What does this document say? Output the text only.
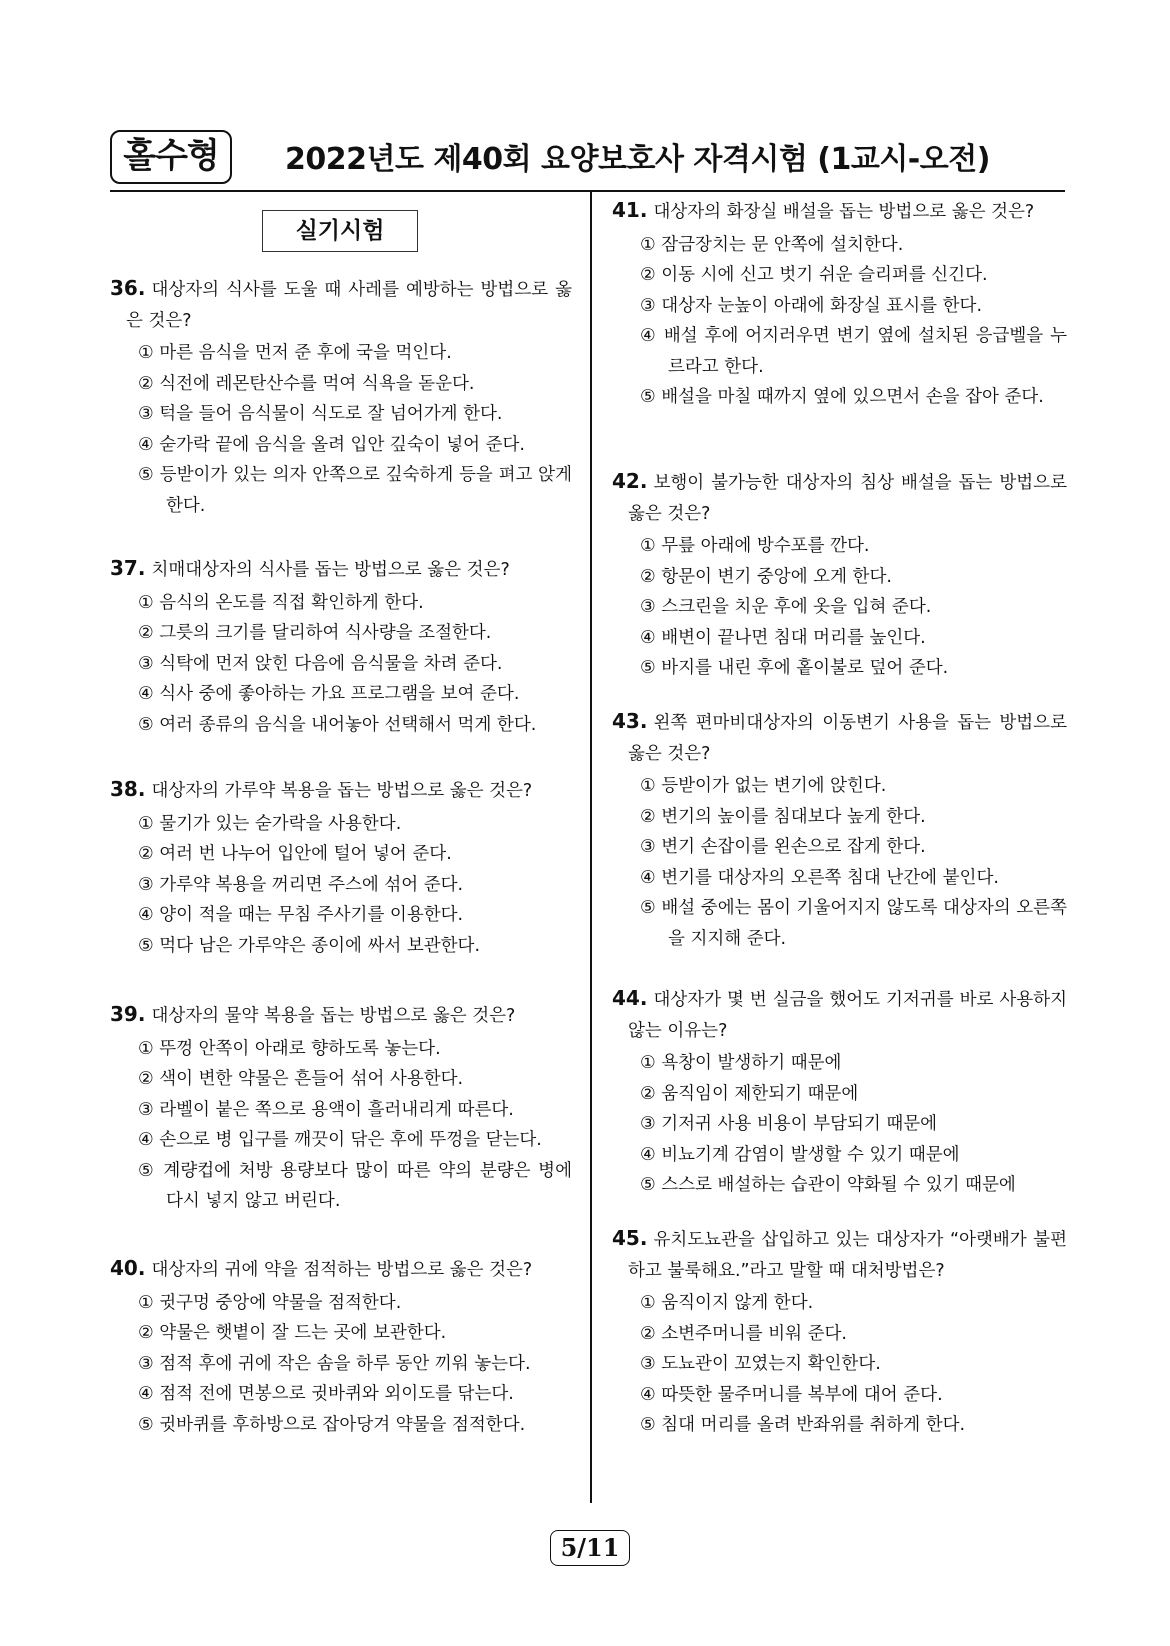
홀수형	2022년도 제40회 요양보호사 자격시험 (1교시-오전)
실기시험
36. 대상자의 식사를 도울 때 사레를 예방하는 방법으로 옳은 것은?
① 마른 음식을 먼저 준 후에 국을 먹인다.
② 식전에 레몬탄산수를 먹여 식욕을 돋운다.
③ 턱을 들어 음식물이 식도로 잘 넘어가게 한다.
④ 숟가락 끝에 음식을 올려 입안 깊숙이 넣어 준다.
⑤ 등받이가 있는 의자 안쪽으로 깊숙하게 등을 펴고 앉게 한다.
37. 치매대상자의 식사를 돕는 방법으로 옳은 것은?
① 음식의 온도를 직접 확인하게 한다.
② 그릇의 크기를 달리하여 식사량을 조절한다.
③ 식탁에 먼저 앉힌 다음에 음식물을 차려 준다.
④ 식사 중에 좋아하는 가요 프로그램을 보여 준다.
⑤ 여러 종류의 음식을 내어놓아 선택해서 먹게 한다.
38. 대상자의 가루약 복용을 돕는 방법으로 옳은 것은?
① 물기가 있는 숟가락을 사용한다.
② 여러 번 나누어 입안에 털어 넣어 준다.
③ 가루약 복용을 꺼리면 주스에 섞어 준다.
④ 양이 적을 때는 무침 주사기를 이용한다.
⑤ 먹다 남은 가루약은 종이에 싸서 보관한다.
39. 대상자의 물약 복용을 돕는 방법으로 옳은 것은?
① 뚜껑 안쪽이 아래로 향하도록 놓는다.
② 색이 변한 약물은 흔들어 섞어 사용한다.
③ 라벨이 붙은 쪽으로 용액이 흘러내리게 따른다.
④ 손으로 병 입구를 깨끗이 닦은 후에 뚜껑을 닫는다.
⑤ 계량컵에 처방 용량보다 많이 따른 약의 분량은 병에 다시 넣지 않고 버린다.
40. 대상자의 귀에 약을 점적하는 방법으로 옳은 것은?
① 귓구멍 중앙에 약물을 점적한다.
② 약물은 햇볕이 잘 드는 곳에 보관한다.
③ 점적 후에 귀에 작은 솜을 하루 동안 끼워 놓는다.
④ 점적 전에 면봉으로 귓바퀴와 외이도를 닦는다.
⑤ 귓바퀴를 후하방으로 잡아당겨 약물을 점적한다.
41. 대상자의 화장실 배설을 돕는 방법으로 옳은 것은?
① 잠금장치는 문 안쪽에 설치한다.
② 이동 시에 신고 벗기 쉬운 슬리퍼를 신긴다.
③ 대상자 눈높이 아래에 화장실 표시를 한다.
④ 배설 후에 어지러우면 변기 옆에 설치된 응급벨을 누르라고 한다.
⑤ 배설을 마칠 때까지 옆에 있으면서 손을 잡아 준다.
42. 보행이 불가능한 대상자의 침상 배설을 돕는 방법으로 옳은 것은?
① 무릎 아래에 방수포를 깐다.
② 항문이 변기 중앙에 오게 한다.
③ 스크린을 치운 후에 옷을 입혀 준다.
④ 배변이 끝나면 침대 머리를 높인다.
⑤ 바지를 내린 후에 홑이불로 덮어 준다.
43. 왼쪽 편마비대상자의 이동변기 사용을 돕는 방법으로 옳은 것은?
① 등받이가 없는 변기에 앉힌다.
② 변기의 높이를 침대보다 높게 한다.
③ 변기 손잡이를 왼손으로 잡게 한다.
④ 변기를 대상자의 오른쪽 침대 난간에 붙인다.
⑤ 배설 중에는 몸이 기울어지지 않도록 대상자의 오른쪽을 지지해 준다.
44. 대상자가 몇 번 실금을 했어도 기저귀를 바로 사용하지 않는 이유는?
① 욕창이 발생하기 때문에
② 움직임이 제한되기 때문에
③ 기저귀 사용 비용이 부담되기 때문에
④ 비뇨기계 감염이 발생할 수 있기 때문에
⑤ 스스로 배설하는 습관이 약화될 수 있기 때문에
45. 유치도뇨관을 삽입하고 있는 대상자가 “아랫배가 불편하고 불룩해요.”라고 말할 때 대처방법은?
① 움직이지 않게 한다.
② 소변주머니를 비워 준다.
③ 도뇨관이 꼬였는지 확인한다.
④ 따뜻한 물주머니를 복부에 대어 준다.
⑤ 침대 머리를 올려 반좌위를 취하게 한다.
5/11
